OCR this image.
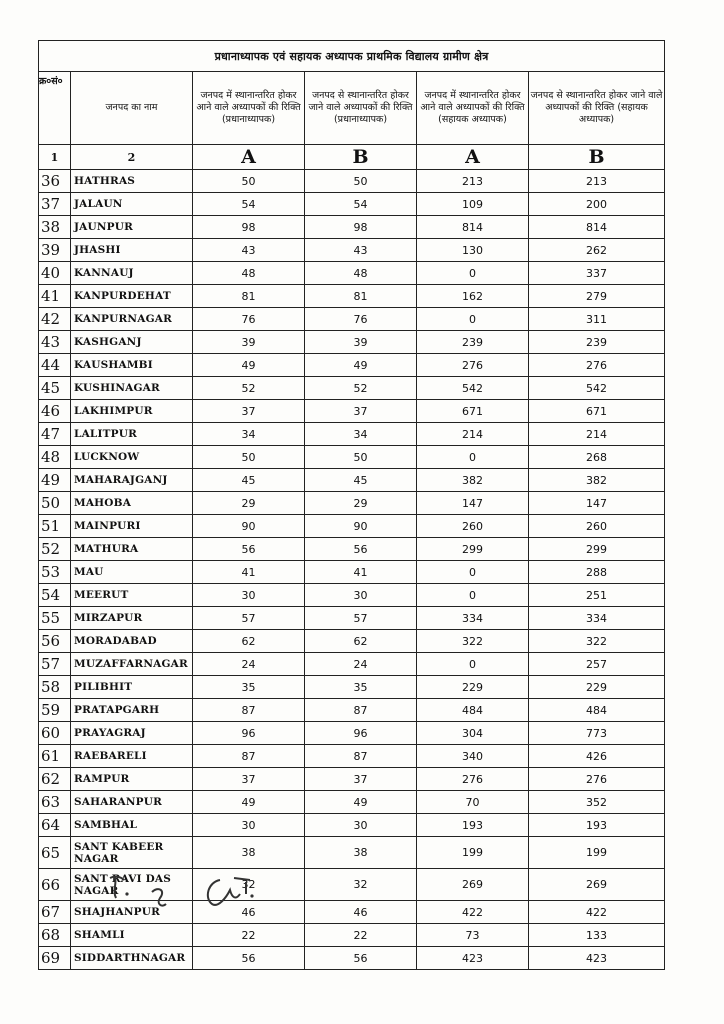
प्रधानाध्यापक एवं सहायक अध्यापक प्राथमिक विद्यालय ग्रामीण क्षेत्र					
क्र०सं०	जनपद का नाम	जनपद में स्थानान्तरित होकर आने वाले अध्यापकों की रिक्ति (प्रधानाध्यापक)	जनपद से स्थानान्तरित होकर जाने वाले अध्यापकों की रिक्ति (प्रधानाध्यापक)	जनपद में स्थानान्तरित होकर आने वाले अध्यापकों की रिक्ति (सहायक अध्यापक)	जनपद से स्थानान्तरित होकर जाने वाले अध्यापकों की रिक्ति (सहायक अध्यापक)
1	2	A	B	A	B
36	HATHRAS	50	50	213	213
37	JALAUN	54	54	109	200
38	JAUNPUR	98	98	814	814
39	JHASHI	43	43	130	262
40	KANNAUJ	48	48	0	337
41	KANPURDEHAT	81	81	162	279
42	KANPURNAGAR	76	76	0	311
43	KASHGANJ	39	39	239	239
44	KAUSHAMBI	49	49	276	276
45	KUSHINAGAR	52	52	542	542
46	LAKHIMPUR	37	37	671	671
47	LALITPUR	34	34	214	214
48	LUCKNOW	50	50	0	268
49	MAHARAJGANJ	45	45	382	382
50	MAHOBA	29	29	147	147
51	MAINPURI	90	90	260	260
52	MATHURA	56	56	299	299
53	MAU	41	41	0	288
54	MEERUT	30	30	0	251
55	MIRZAPUR	57	57	334	334
56	MORADABAD	62	62	322	322
57	MUZAFFARNAGAR	24	24	0	257
58	PILIBHIT	35	35	229	229
59	PRATAPGARH	87	87	484	484
60	PRAYAGRAJ	96	96	304	773
61	RAEBARELI	87	87	340	426
62	RAMPUR	37	37	276	276
63	SAHARANPUR	49	49	70	352
64	SAMBHAL	30	30	193	193
65	SANT KABEER NAGAR	38	38	199	199
66	SANT RAVI DAS NAGAR	32	32	269	269
67	SHAJHANPUR	46	46	422	422
68	SHAMLI	22	22	73	133
69	SIDDARTHNAGAR	56	56	423	423
